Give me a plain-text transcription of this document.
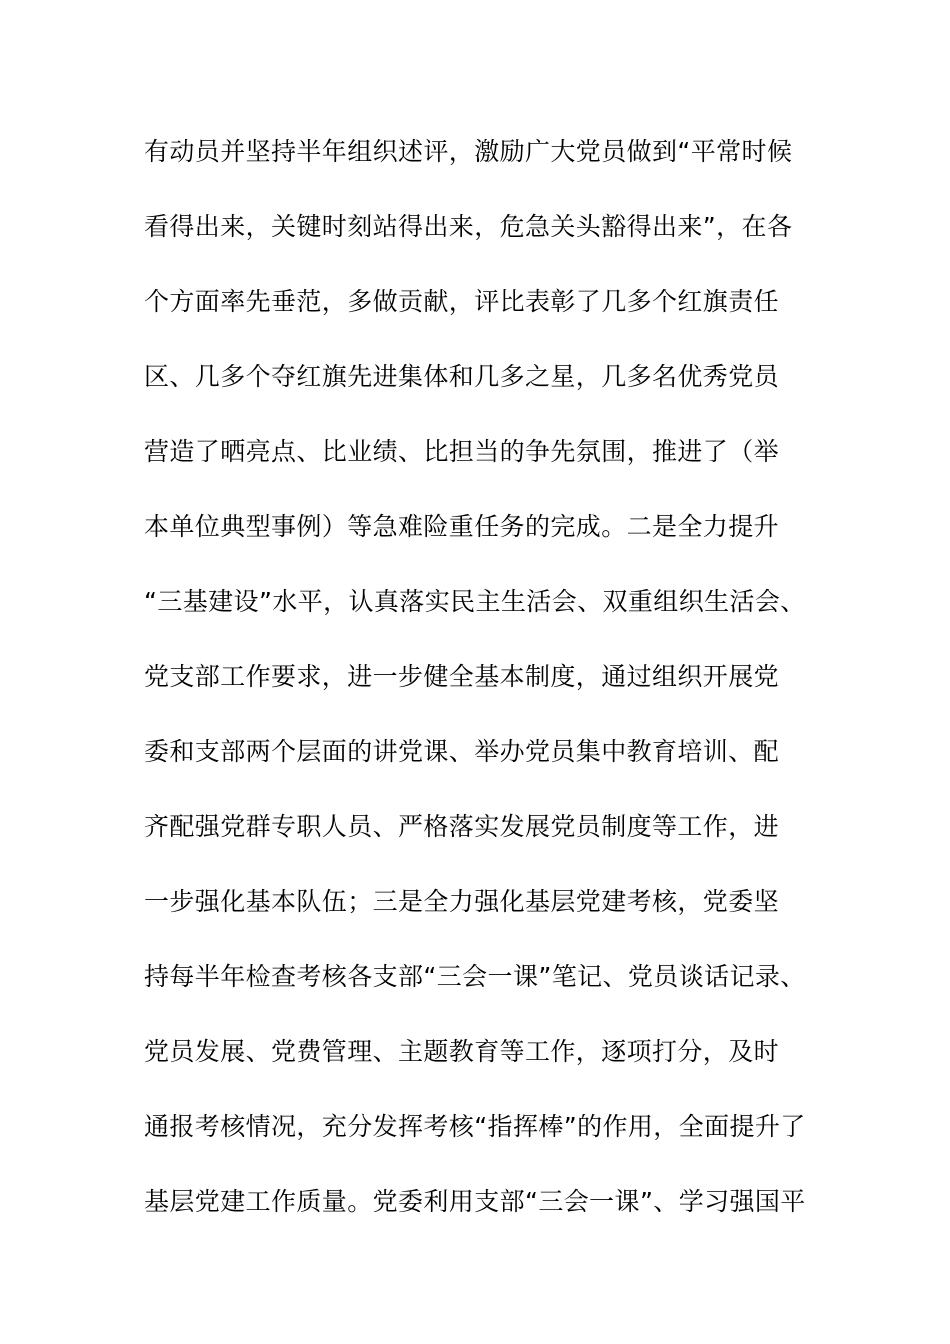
有动员并坚持半年组织述评，激励广大党员做到“平常时候
看得出来，关键时刻站得出来，危急关头豁得出来”，在各
个方面率先垂范，多做贡献，评比表彰了几多个红旗责任
区、几多个夺红旗先进集体和几多之星，几多名优秀党员
营造了晒亮点、比业绩、比担当的争先氛围，推进了（举
本单位典型事例）等急难险重任务的完成。二是全力提升
“三基建设”水平，认真落实民主生活会、双重组织生活会、
党支部工作要求，进一步健全基本制度，通过组织开展党
委和支部两个层面的讲党课、举办党员集中教育培训、配
齐配强党群专职人员、严格落实发展党员制度等工作，进
一步强化基本队伍；三是全力强化基层党建考核，党委坚
持每半年检查考核各支部“三会一课”笔记、党员谈话记录、
党员发展、党费管理、主题教育等工作，逐项打分，及时
通报考核情况，充分发挥考核“指挥棒”的作用，全面提升了
基层党建工作质量。党委利用支部“三会一课”、学习强国平
